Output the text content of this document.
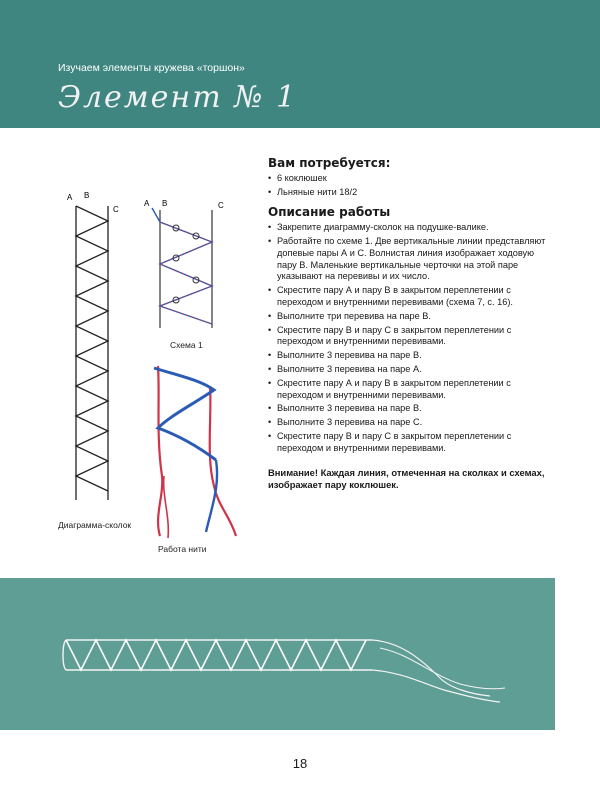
Изучаем элементы кружева «торшон»
Элемент № 1
A B
C
Диаграмма-сколок
A B	C
Схема 1
Работа нити
Вам потребуется:
• 6 коклюшек
• Льняные нити 18/2
Описание работы
• Закрепите диаграмму-сколок на подушке-валике.
• Работайте по схеме 1. Две вертикальные линии представляют допевые пары А и С. Волнистая линия изображает ходовую пару В. Маленькие вертикальные черточки на этой паре указывают на перевивы и их число.
• Скрестите пару А и пару В в закрытом переплетении с переходом и внутренними перевивами (схема 7, с. 16).
• Выполните три перевива на паре В.
• Скрестите пару В и пару С в закрытом переплетении с переходом и внутренними перевивами.
• Выполните 3 перевива на паре В.
• Выполните 3 перевива на паре А.
• Скрестите пару А и пару В в закрытом переплетении с переходом и внутренними перевивами.
• Выполните 3 перевива на паре В.
• Выполните 3 перевива на паре С.
• Скрестите пару В и пару С в закрытом переплетении с переходом и внутренними перевивами.
Внимание! Каждая линия, отмеченная на сколках и схемах, изображает пару коклюшек.
18
